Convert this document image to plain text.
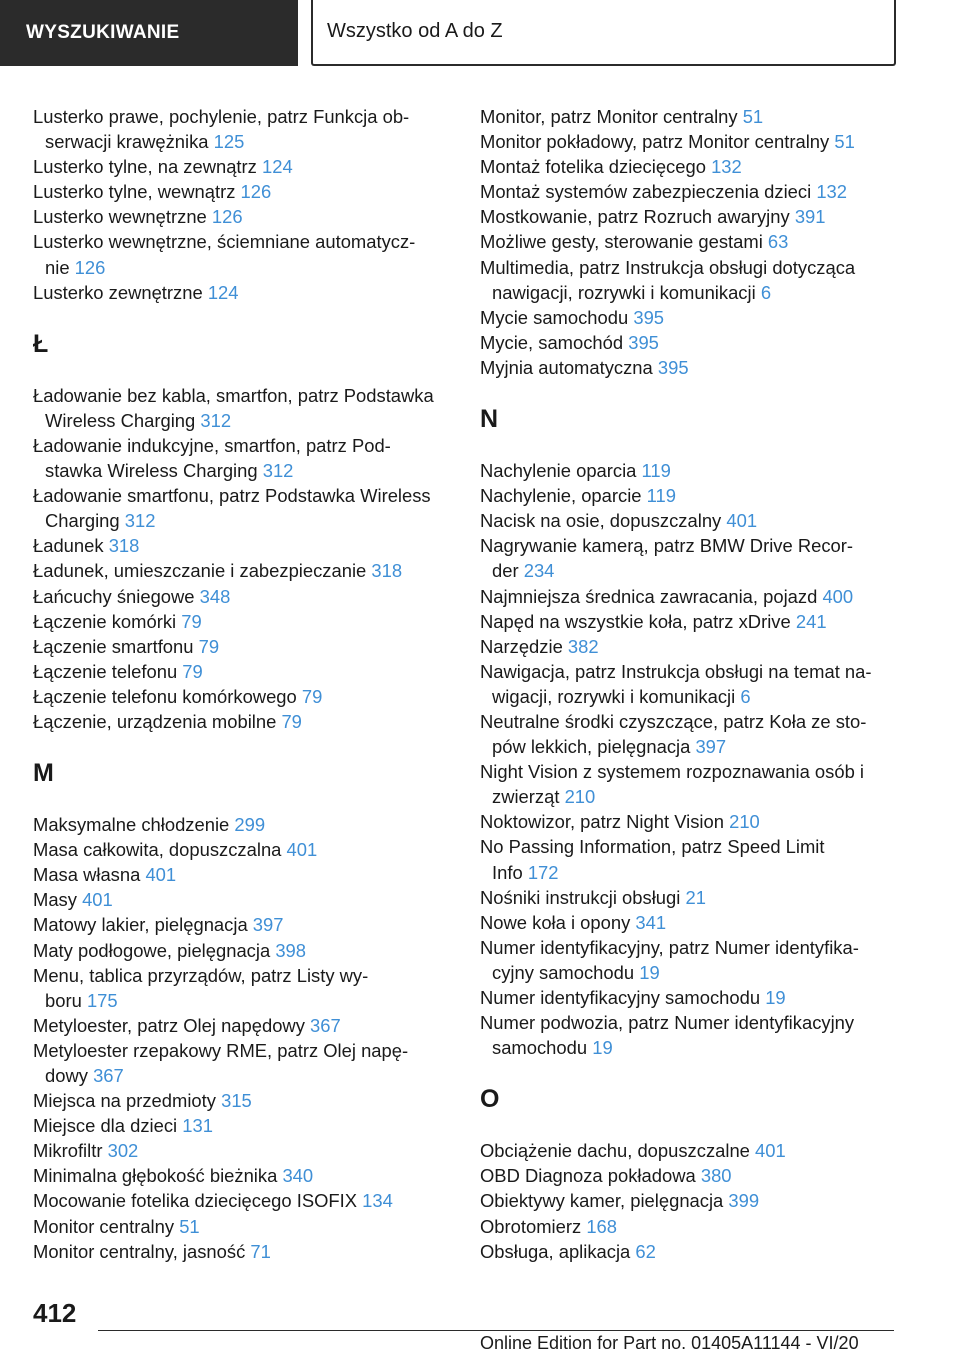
WYSZUKIWANIE	Wszystko od A do Z
Lusterko prawe, pochylenie, patrz Funkcja ob-
serwacji krawężnika 125
Lusterko tylne, na zewnątrz 124
Lusterko tylne, wewnątrz 126
Lusterko wewnętrzne 126
Lusterko wewnętrzne, ściemniane automatycz-
nie 126
Lusterko zewnętrzne 124
Ł
Ładowanie bez kabla, smartfon, patrz Podstawka
Wireless Charging 312
Ładowanie indukcyjne, smartfon, patrz Pod-
stawka Wireless Charging 312
Ładowanie smartfonu, patrz Podstawka Wireless
Charging 312
Ładunek 318
Ładunek, umieszczanie i zabezpieczanie 318
Łańcuchy śniegowe 348
Łączenie komórki 79
Łączenie smartfonu 79
Łączenie telefonu 79
Łączenie telefonu komórkowego 79
Łączenie, urządzenia mobilne 79
M
Maksymalne chłodzenie 299
Masa całkowita, dopuszczalna 401
Masa własna 401
Masy 401
Matowy lakier, pielęgnacja 397
Maty podłogowe, pielęgnacja 398
Menu, tablica przyrządów, patrz Listy wy-
boru 175
Metyloester, patrz Olej napędowy 367
Metyloester rzepakowy RME, patrz Olej napę-
dowy 367
Miejsca na przedmioty 315
Miejsce dla dzieci 131
Mikrofiltr 302
Minimalna głębokość bieżnika 340
Mocowanie fotelika dziecięcego ISOFIX 134
Monitor centralny 51
Monitor centralny, jasność 71
Monitor, patrz Monitor centralny 51
Monitor pokładowy, patrz Monitor centralny 51
Montaż fotelika dziecięcego 132
Montaż systemów zabezpieczenia dzieci 132
Mostkowanie, patrz Rozruch awaryjny 391
Możliwe gesty, sterowanie gestami 63
Multimedia, patrz Instrukcja obsługi dotycząca
nawigacji, rozrywki i komunikacji 6
Mycie samochodu 395
Mycie, samochód 395
Myjnia automatyczna 395
N
Nachylenie oparcia 119
Nachylenie, oparcie 119
Nacisk na osie, dopuszczalny 401
Nagrywanie kamerą, patrz BMW Drive Recor-
der 234
Najmniejsza średnica zawracania, pojazd 400
Napęd na wszystkie koła, patrz xDrive 241
Narzędzie 382
Nawigacja, patrz Instrukcja obsługi na temat na-
wigacji, rozrywki i komunikacji 6
Neutralne środki czyszczące, patrz Koła ze sto-
pów lekkich, pielęgnacja 397
Night Vision z systemem rozpoznawania osób i
zwierząt 210
Noktowizor, patrz Night Vision 210
No Passing Information, patrz Speed Limit
Info 172
Nośniki instrukcji obsługi 21
Nowe koła i opony 341
Numer identyfikacyjny, patrz Numer identyfika-
cyjny samochodu 19
Numer identyfikacyjny samochodu 19
Numer podwozia, patrz Numer identyfikacyjny
samochodu 19
O
Obciążenie dachu, dopuszczalne 401
OBD Diagnoza pokładowa 380
Obiektywy kamer, pielęgnacja 399
Obrotomierz 168
Obsługa, aplikacja 62
412
Online Edition for Part no. 01405A11144 - VI/20
